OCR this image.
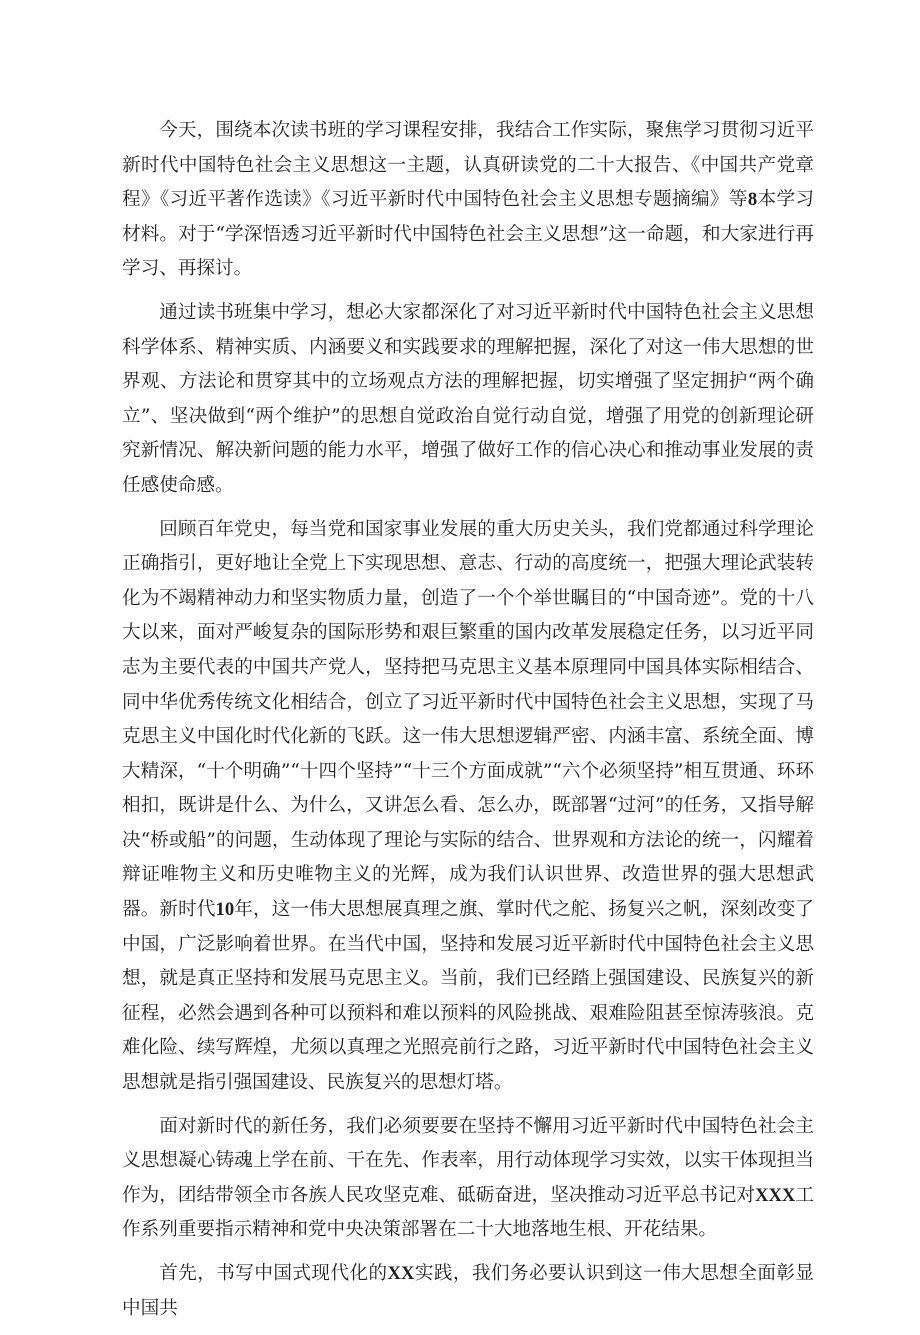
今天，围绕本次读书班的学习课程安排，我结合工作实际，聚焦学习贯彻习近平新时代中国特色社会主义思想这一主题，认真研读党的二十大报告、《中国共产党章程》《习近平著作选读》《习近平新时代中国特色社会主义思想专题摘编》等8本学习材料。对于“学深悟透习近平新时代中国特色社会主义思想”这一命题，和大家进行再学习、再探讨。

通过读书班集中学习，想必大家都深化了对习近平新时代中国特色社会主义思想科学体系、精神实质、内涵要义和实践要求的理解把握，深化了对这一伟大思想的世界观、方法论和贯穿其中的立场观点方法的理解把握，切实增强了坚定拥护“两个确立”、坚决做到“两个维护”的思想自觉政治自觉行动自觉，增强了用党的创新理论研究新情况、解决新问题的能力水平，增强了做好工作的信心决心和推动事业发展的责任感使命感。

回顾百年党史，每当党和国家事业发展的重大历史关头，我们党都通过科学理论正确指引，更好地让全党上下实现思想、意志、行动的高度统一，把强大理论武装转化为不竭精神动力和坚实物质力量，创造了一个个举世瞩目的“中国奇迹”。党的十八大以来，面对严峻复杂的国际形势和艰巨繁重的国内改革发展稳定任务，以习近平同志为主要代表的中国共产党人，坚持把马克思主义基本原理同中国具体实际相结合、同中华优秀传统文化相结合，创立了习近平新时代中国特色社会主义思想，实现了马克思主义中国化时代化新的飞跃。这一伟大思想逻辑严密、内涵丰富、系统全面、博大精深，“十个明确”“十四个坚持”“十三个方面成就”“六个必须坚持”相互贯通、环环相扣，既讲是什么、为什么，又讲怎么看、怎么办，既部署“过河”的任务，又指导解决“桥或船”的问题，生动体现了理论与实际的结合、世界观和方法论的统一，闪耀着辩证唯物主义和历史唯物主义的光辉，成为我们认识世界、改造世界的强大思想武器。新时代10年，这一伟大思想展真理之旗、掌时代之舵、扬复兴之帆，深刻改变了中国，广泛影响着世界。在当代中国，坚持和发展习近平新时代中国特色社会主义思想，就是真正坚持和发展马克思主义。当前，我们已经踏上强国建设、民族复兴的新征程，必然会遇到各种可以预料和难以预料的风险挑战、艰难险阻甚至惊涛骇浪。克难化险、续写辉煌，尤须以真理之光照亮前行之路，习近平新时代中国特色社会主义思想就是指引强国建设、民族复兴的思想灯塔。

面对新时代的新任务，我们必须要要在坚持不懈用习近平新时代中国特色社会主义思想凝心铸魂上学在前、干在先、作表率，用行动体现学习实效，以实干体现担当作为，团结带领全市各族人民攻坚克难、砥砺奋进，坚决推动习近平总书记对XXX工作系列重要指示精神和党中央决策部署在二十大地落地生根、开花结果。

首先，书写中国式现代化的XX实践，我们务必要认识到这一伟大思想全面彰显中国共
